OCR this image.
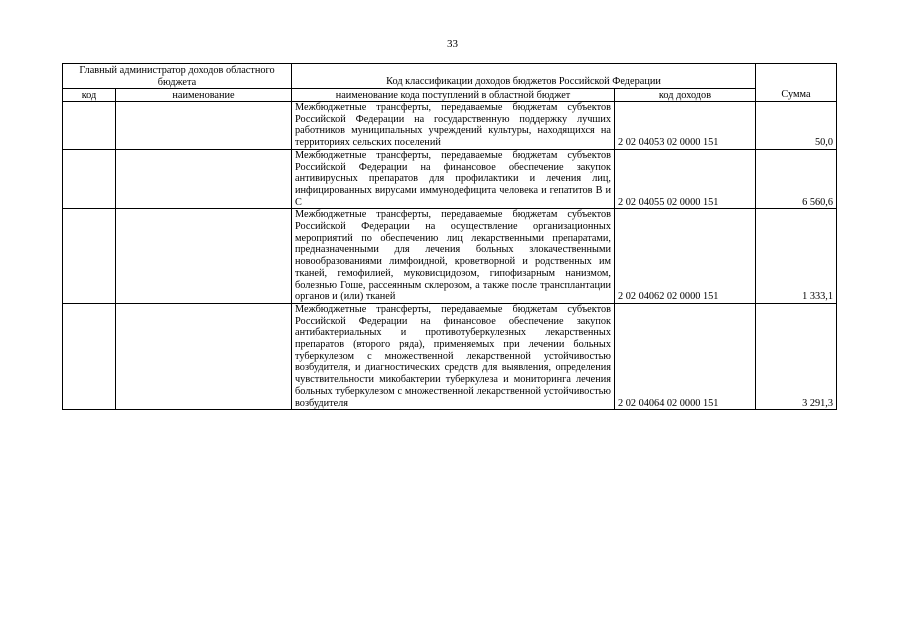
33
Главный администратор доходов областного бюджета		Код классификации доходов бюджетов Российской Федерации		Сумма
код	наименование	наименование кода поступлений в областной бюджет	код доходов	
		Межбюджетные трансферты, передаваемые бюджетам субъектов Российской Федерации на государственную поддержку лучших работников муниципальных учреждений культуры, находящихся на территориях сельских поселений	2 02 04053 02 0000 151	50,0
		Межбюджетные трансферты, передаваемые бюджетам субъектов Российской Федерации на финансовое обеспечение закупок антивирусных препаратов для профилактики и лечения лиц, инфицированных вирусами иммунодефицита человека и гепатитов В и С	2 02 04055 02 0000 151	6 560,6
		Межбюджетные трансферты, передаваемые бюджетам субъектов Российской Федерации на осуществление организационных мероприятий по обеспечению лиц лекарственными препаратами, предназначенными для лечения больных злокачественными новообразованиями лимфоидной, кроветворной и родственных им тканей, гемофилией, муковисцидозом, гипофизарным нанизмом, болезнью Гоше, рассеянным склерозом, а также после трансплантации органов и (или) тканей	2 02 04062 02 0000 151	1 333,1
		Межбюджетные трансферты, передаваемые бюджетам субъектов Российской Федерации на финансовое обеспечение закупок антибактериальных и противотуберкулезных лекарственных препаратов (второго ряда), применяемых при лечении больных туберкулезом с множественной лекарственной устойчивостью возбудителя, и диагностических средств для выявления, определения чувствительности микобактерии туберкулеза и мониторинга лечения больных туберкулезом с множественной лекарственной устойчивостью возбудителя	2 02 04064 02 0000 151	3 291,3
